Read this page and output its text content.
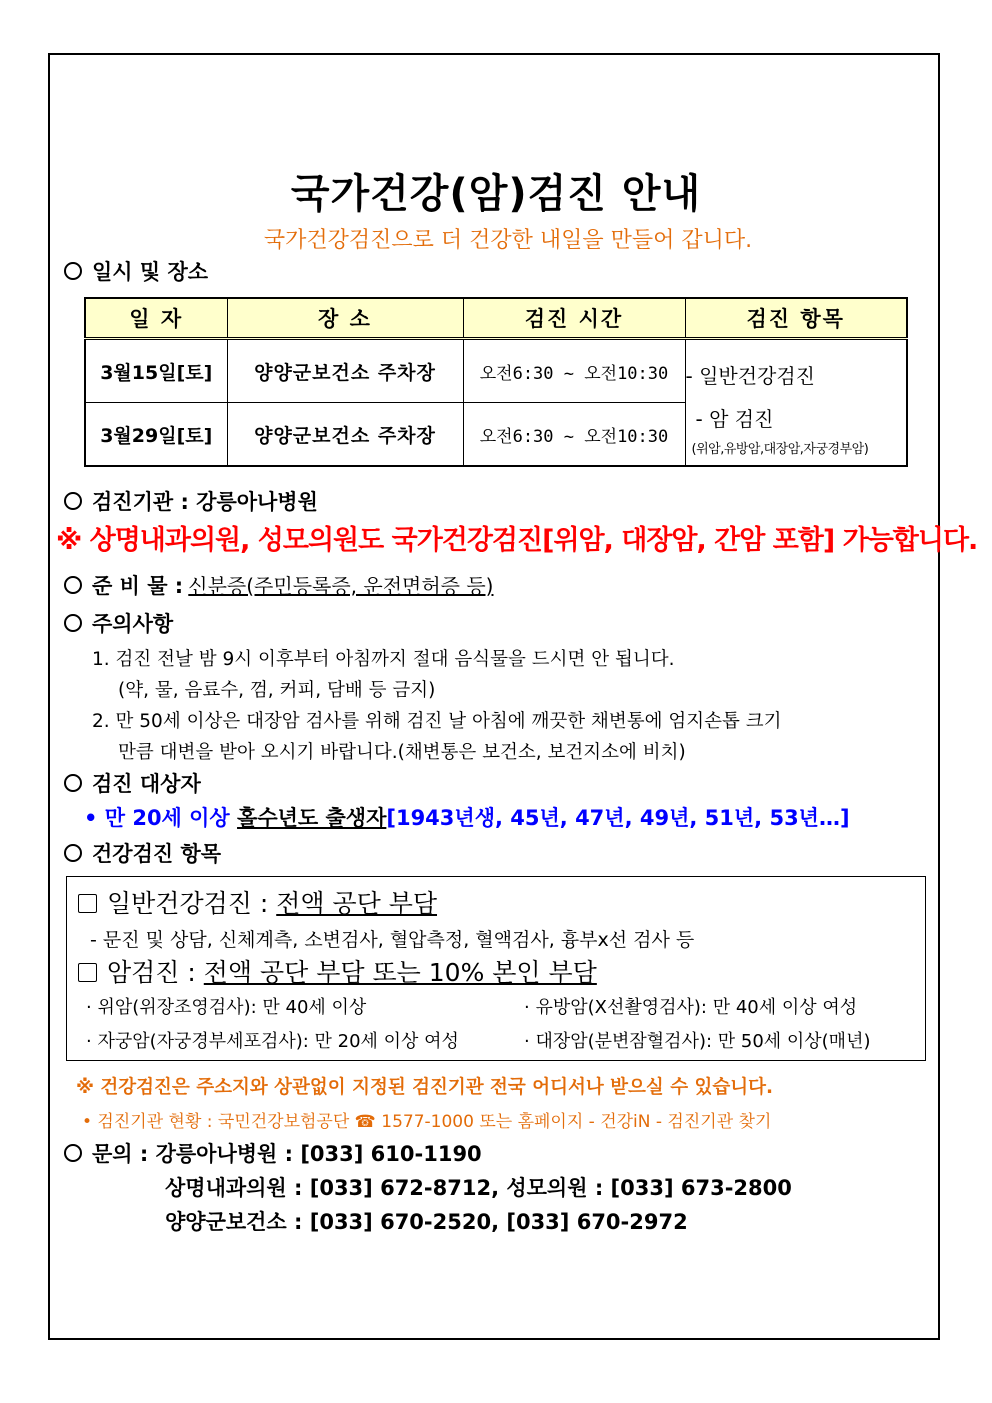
국가건강(암)검진 안내
국가건강검진으로 더 건강한 내일을 만들어 갑니다.
일시 및 장소
일 자	장 소	검진 시간	검진 항목
3월15일[토]	양양군보건소 주차장	오전6:30 ~ 오전10:30	- 일반건강검진
- 암 검진
(위암,유방암,대장암,자궁경부암)

3월29일[토]	양양군보건소 주차장	오전6:30 ~ 오전10:30	
검진기관 : 강릉아나병원
※ 상명내과의원, 성모의원도 국가건강검진[위암, 대장암, 간암 포함] 가능합니다.
준 비 물 : 신분증(주민등록증, 운전면허증 등)
주의사항
1. 검진 전날 밤 9시 이후부터 아침까지 절대 음식물을 드시면 안 됩니다.
(약, 물, 음료수, 껌, 커피, 담배 등 금지)
2. 만 50세 이상은 대장암 검사를 위해 검진 날 아침에 깨끗한 채변통에 엄지손톱 크기
만큼 대변을 받아 오시기 바랍니다.(채변통은 보건소, 보건지소에 비치)
검진 대상자
• 만 20세 이상 홀수년도 출생자[1943년생, 45년, 47년, 49년, 51년, 53년…]
건강검진 항목
일반건강검진 : 전액 공단 부담
- 문진 및 상담, 신체계측, 소변검사, 혈압측정, 혈액검사, 흉부x선 검사 등
암검진 : 전액 공단 부담 또는 10% 본인 부담
· 위암(위장조영검사): 만 40세 이상	· 유방암(X선촬영검사): 만 40세 이상 여성
· 자궁암(자궁경부세포검사): 만 20세 이상 여성	· 대장암(분변잠혈검사): 만 50세 이상(매년)
※ 건강검진은 주소지와 상관없이 지정된 검진기관 전국 어디서나 받으실 수 있습니다.
• 검진기관 현황 : 국민건강보험공단 ☎ 1577-1000 또는 홈페이지 - 건강iN - 검진기관 찾기
문의 : 강릉아나병원 : [033] 610-1190
상명내과의원 : [033] 672-8712, 성모의원 : [033] 673-2800
양양군보건소 : [033] 670-2520, [033] 670-2972
